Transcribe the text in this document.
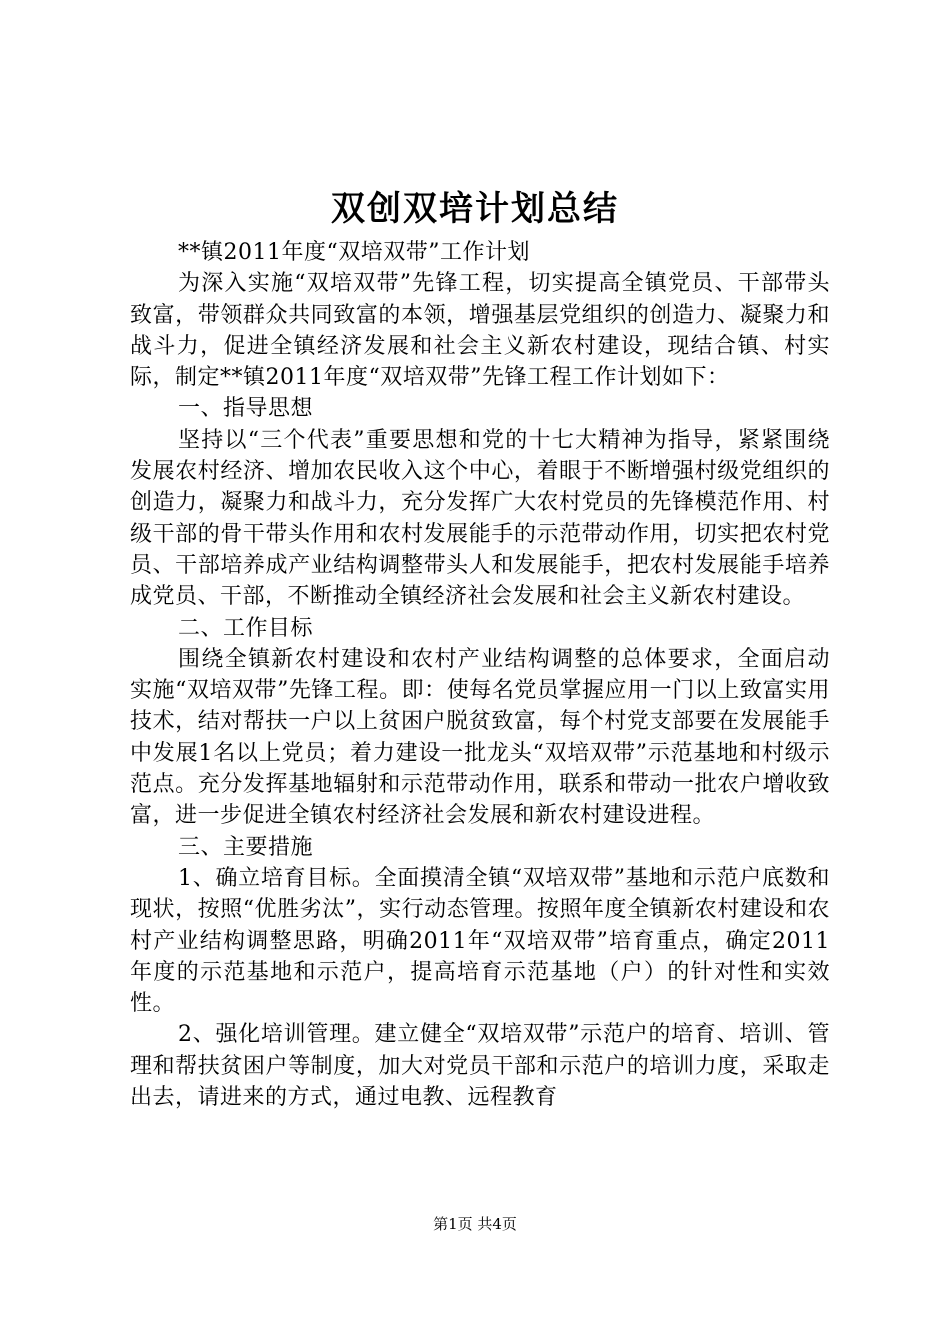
双创双培计划总结

**镇2011年度“双培双带”工作计划

为深入实施“双培双带”先锋工程，切实提高全镇党员、干部带头致富，带领群众共同致富的本领，增强基层党组织的创造力、凝聚力和战斗力，促进全镇经济发展和社会主义新农村建设，现结合镇、村实际，制定**镇2011年度“双培双带”先锋工程工作计划如下：

一、指导思想

坚持以“三个代表”重要思想和党的十七大精神为指导，紧紧围绕发展农村经济、增加农民收入这个中心，着眼于不断增强村级党组织的创造力，凝聚力和战斗力，充分发挥广大农村党员的先锋模范作用、村级干部的骨干带头作用和农村发展能手的示范带动作用，切实把农村党员、干部培养成产业结构调整带头人和发展能手，把农村发展能手培养成党员、干部，不断推动全镇经济社会发展和社会主义新农村建设。

二、工作目标

围绕全镇新农村建设和农村产业结构调整的总体要求，全面启动实施“双培双带”先锋工程。即：使每名党员掌握应用一门以上致富实用技术，结对帮扶一户以上贫困户脱贫致富，每个村党支部要在发展能手中发展1名以上党员；着力建设一批龙头“双培双带”示范基地和村级示范点。充分发挥基地辐射和示范带动作用，联系和带动一批农户增收致富，进一步促进全镇农村经济社会发展和新农村建设进程。

三、主要措施

1、确立培育目标。全面摸清全镇“双培双带”基地和示范户底数和现状，按照“优胜劣汰”，实行动态管理。按照年度全镇新农村建设和农村产业结构调整思路，明确2011年“双培双带”培育重点，确定2011年度的示范基地和示范户，提高培育示范基地（户）的针对性和实效性。

2、强化培训管理。建立健全“双培双带”示范户的培育、培训、管理和帮扶贫困户等制度，加大对党员干部和示范户的培训力度，采取走出去，请进来的方式，通过电教、远程教育

第1页 共4页
